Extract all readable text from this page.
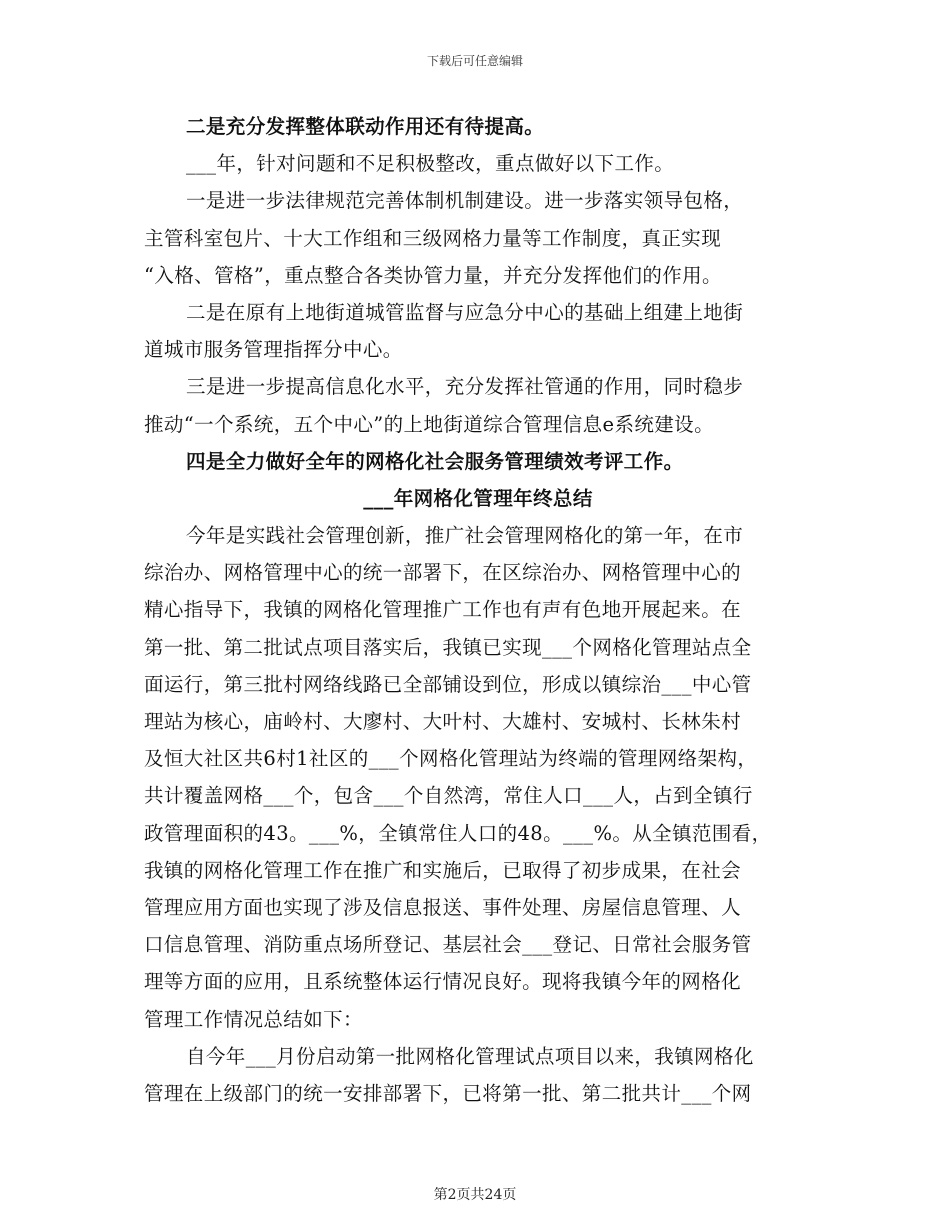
下载后可任意编辑
二是充分发挥整体联动作用还有待提高。
___年，针对问题和不足积极整改，重点做好以下工作。
一是进一步法律规范完善体制机制建设。进一步落实领导包格，
主管科室包片、十大工作组和三级网格力量等工作制度，真正实现
“入格、管格”，重点整合各类协管力量，并充分发挥他们的作用。
二是在原有上地街道城管监督与应急分中心的基础上组建上地街
道城市服务管理指挥分中心。
三是进一步提高信息化水平，充分发挥社管通的作用，同时稳步
推动“一个系统，五个中心”的上地街道综合管理信息e系统建设。
四是全力做好全年的网格化社会服务管理绩效考评工作。
___年网格化管理年终总结
今年是实践社会管理创新，推广社会管理网格化的第一年，在市
综治办、网格管理中心的统一部署下，在区综治办、网格管理中心的
精心指导下，我镇的网格化管理推广工作也有声有色地开展起来。在
第一批、第二批试点项目落实后，我镇已实现___个网格化管理站点全
面运行，第三批村网络线路已全部铺设到位，形成以镇综治___中心管
理站为核心，庙岭村、大廖村、大叶村、大雄村、安城村、长林朱村
及恒大社区共6村1社区的___个网格化管理站为终端的管理网络架构，
共计覆盖网格___个，包含___个自然湾，常住人口___人，占到全镇行
政管理面积的43。___%，全镇常住人口的48。___%。从全镇范围看，
我镇的网格化管理工作在推广和实施后，已取得了初步成果，在社会
管理应用方面也实现了涉及信息报送、事件处理、房屋信息管理、人
口信息管理、消防重点场所登记、基层社会___登记、日常社会服务管
理等方面的应用，且系统整体运行情况良好。现将我镇今年的网格化
管理工作情况总结如下：
自今年___月份启动第一批网格化管理试点项目以来，我镇网格化
管理在上级部门的统一安排部署下，已将第一批、第二批共计___个网
第2页共24页
